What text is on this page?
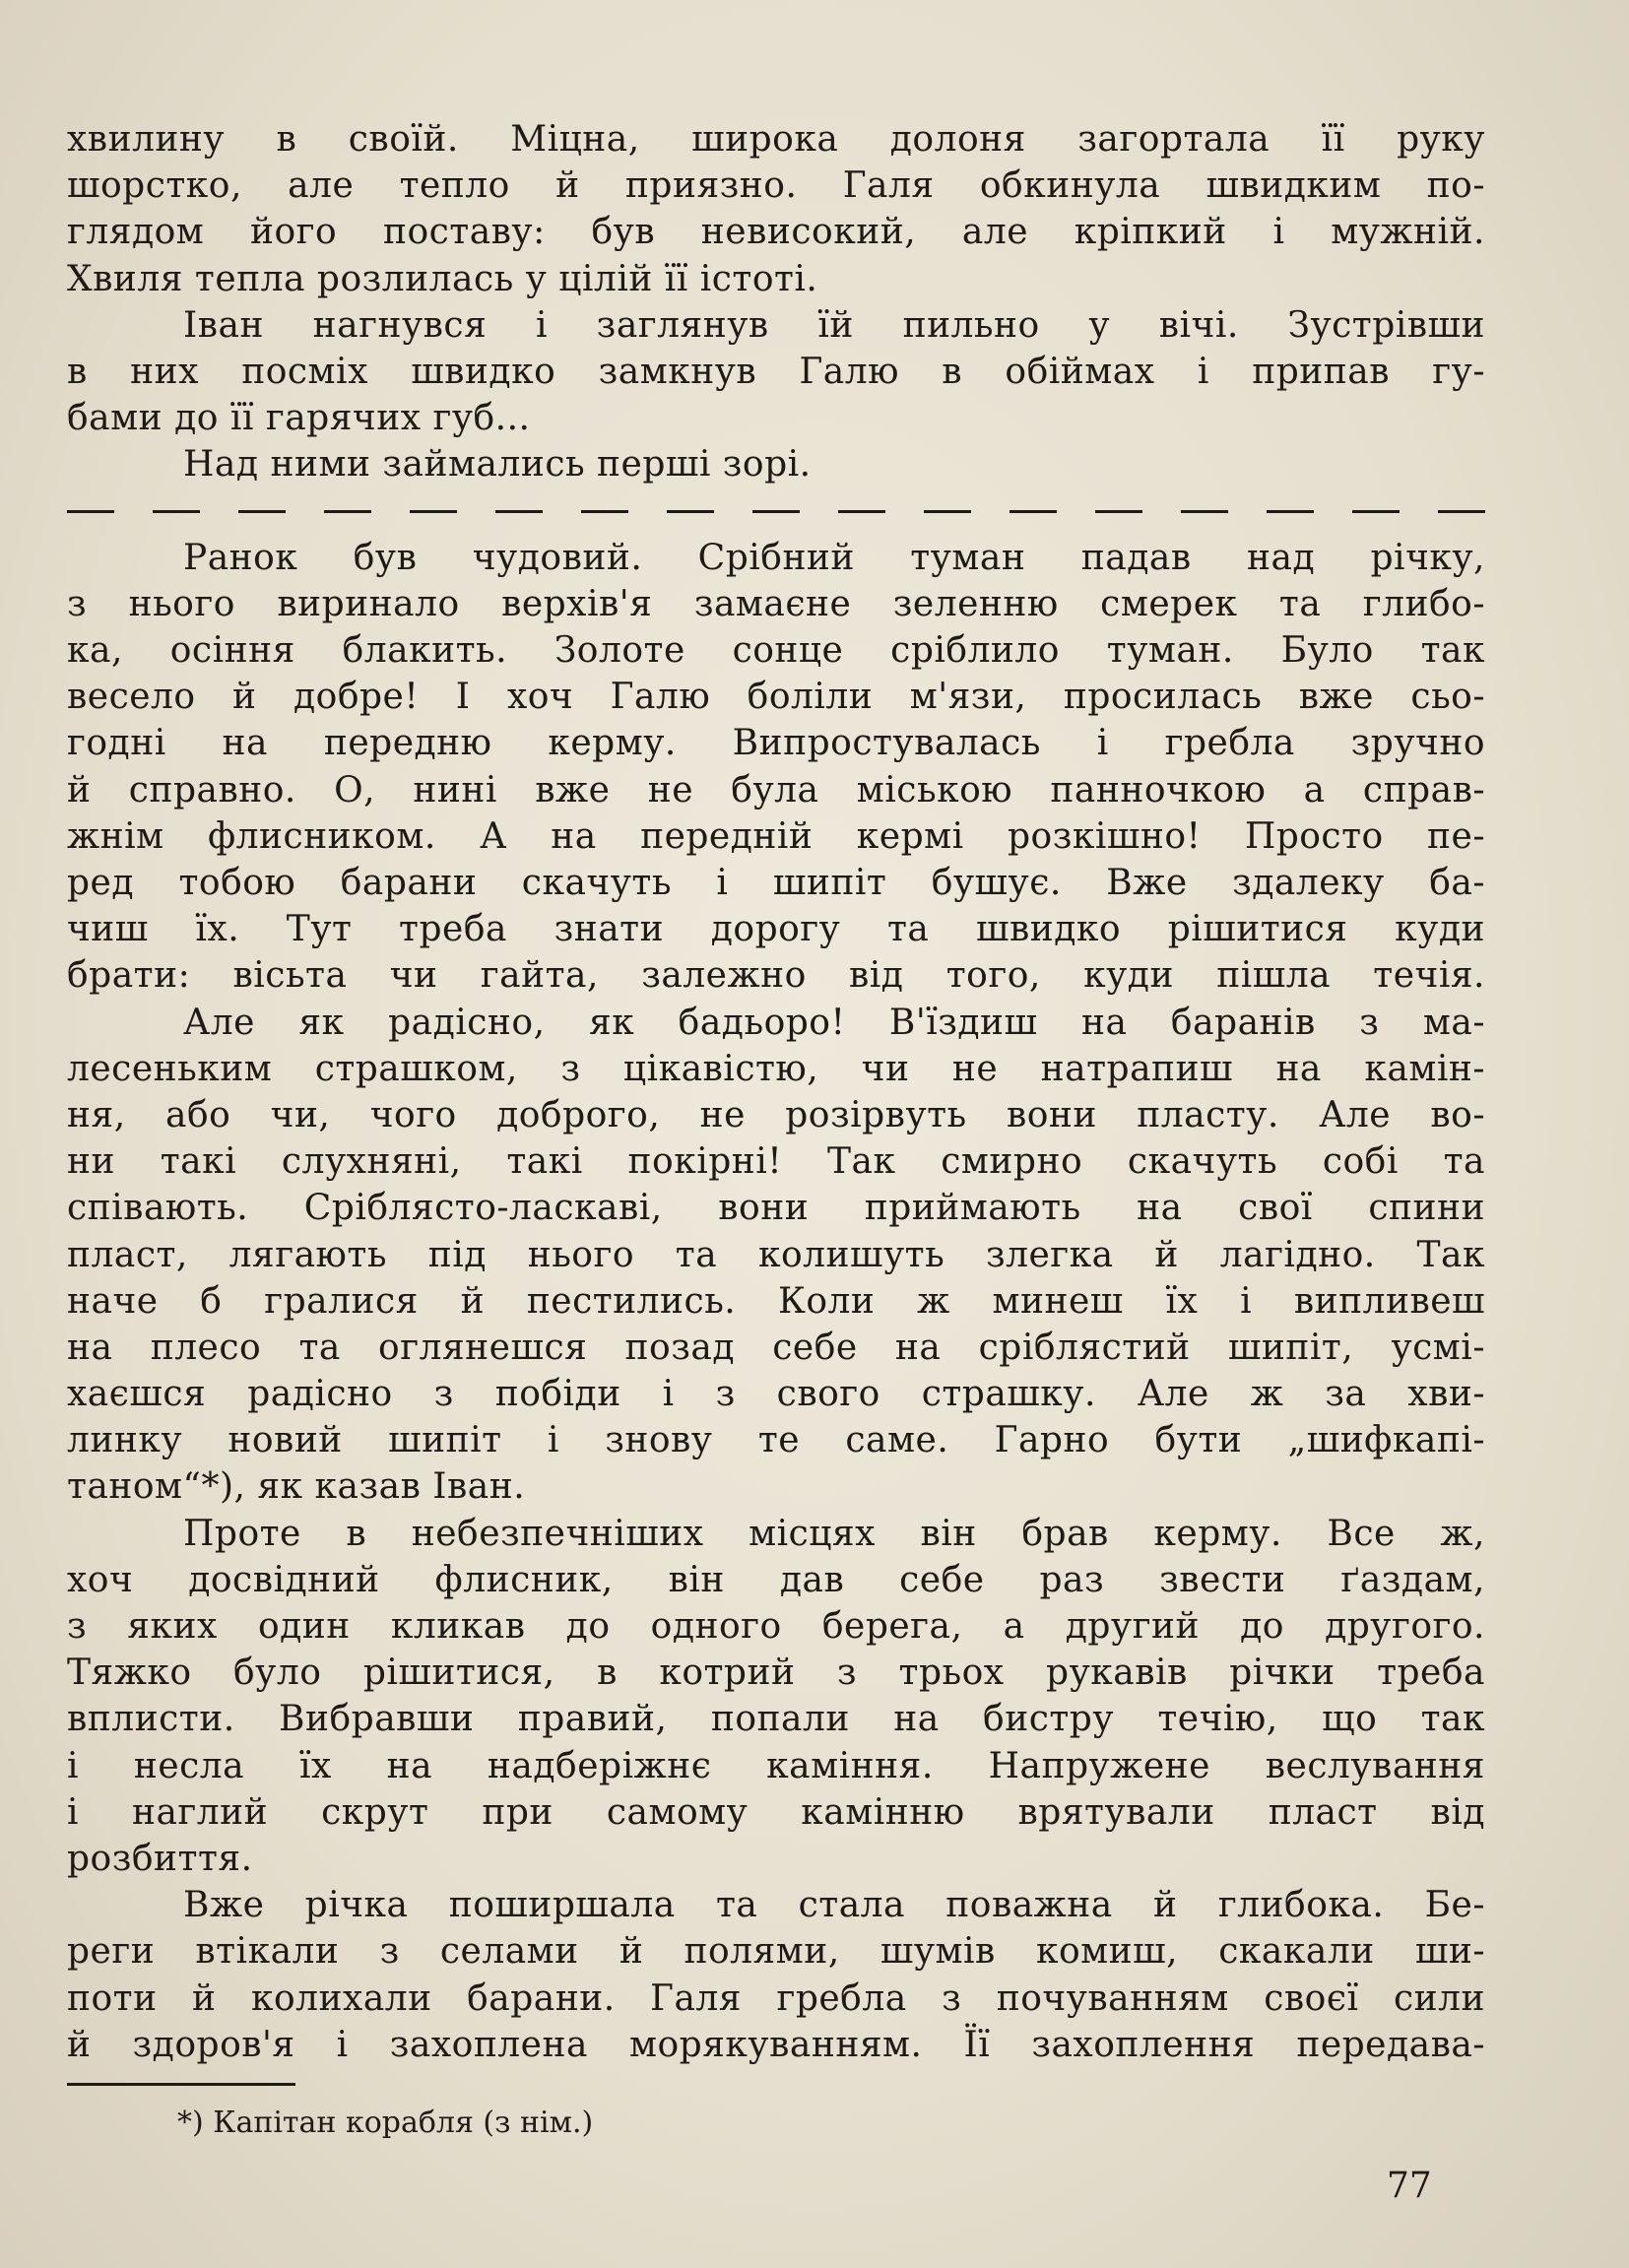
хвилину в своїй. Міцна, широка долоня загортала її руку
шорстко, але тепло й приязно. Галя обкинула швидким по-
глядом його поставу: був невисокий, але кріпкий і мужній.
Хвиля тепла розлилась у цілій її істоті.
Іван нагнувся і заглянув їй пильно у вічі. Зустрівши
в них посміх швидко замкнув Галю в обіймах і припав гу-
бами до її гарячих губ...
Над ними займались перші зорі.
Ранок був чудовий. Срібний туман падав над річку,
з нього виринало верхів'я замаєне зеленню смерек та глибо-
ка, осіння блакить. Золоте сонце сріблило туман. Було так
весело й добре! І хоч Галю боліли м'язи, просилась вже сьо-
годні на передню керму. Випростувалась і гребла зручно
й справно. О, нині вже не була міською панночкою а справ-
жнім флисником. А на передній кермі розкішно! Просто пе-
ред тобою барани скачуть і шипіт бушує. Вже здалеку ба-
чиш їх. Тут треба знати дорогу та швидко рішитися куди
брати: вісьта чи гайта, залежно від того, куди пішла течія.
Але як радісно, як бадьоро! В'їздиш на баранів з ма-
лесеньким страшком, з цікавістю, чи не натрапиш на камін-
ня, або чи, чого доброго, не розірвуть вони пласту. Але во-
ни такі слухняні, такі покірні! Так смирно скачуть собі та
співають. Сріблясто-ласкаві, вони приймають на свої спини
пласт, лягають під нього та колишуть злегка й лагідно. Так
наче б гралися й пестились. Коли ж минеш їх і випливеш
на плесо та оглянешся позад себе на сріблястий шипіт, усмі-
хаєшся радісно з побіди і з свого страшку. Але ж за хви-
линку новий шипіт і знову те саме. Гарно бути „шифкапі-
таном“*), як казав Іван.
Проте в небезпечніших місцях він брав керму. Все ж,
хоч досвідний флисник, він дав себе раз звести ґаздам,
з яких один кликав до одного берега, а другий до другого.
Тяжко було рішитися, в котрий з трьох рукавів річки треба
вплисти. Вибравши правий, попали на бистру течію, що так
і несла їх на надберіжнє каміння. Напружене веслування
і наглий скрут при самому камінню врятували пласт від
розбиття.
Вже річка поширшала та стала поважна й глибока. Бе-
реги втікали з селами й полями, шумів комиш, скакали ши-
поти й колихали барани. Галя гребла з почуванням своєї сили
й здоров'я і захоплена морякуванням. Її захоплення передава-
*) Капітан корабля (з нім.)
77
